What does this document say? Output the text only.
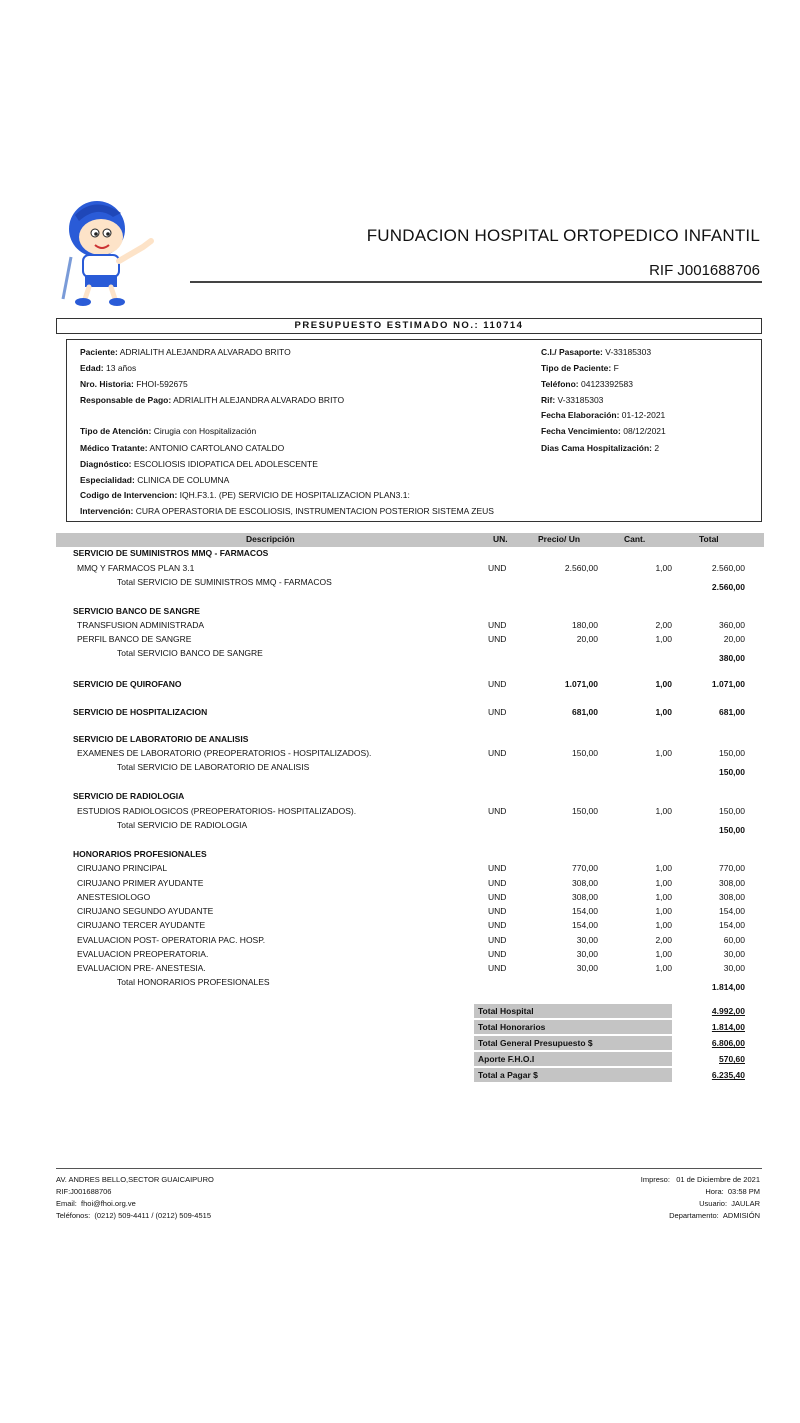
FUNDACION HOSPITAL ORTOPEDICO INFANTIL
RIF J001688706
PRESUPUESTO ESTIMADO NO.: 110714
Paciente: ADRIALITH ALEJANDRA ALVARADO BRITO
Edad: 13 años
Nro. Historia: FHOI-592675
Responsable de Pago: ADRIALITH ALEJANDRA ALVARADO BRITO
Tipo de Atención: Cirugia con Hospitalización
Médico Tratante: ANTONIO CARTOLANO CATALDO
Diagnóstico: ESCOLIOSIS IDIOPATICA DEL ADOLESCENTE
Especialidad: CLINICA DE COLUMNA
Codigo de Intervencion: IQH.F3.1. (PE) SERVICIO DE HOSPITALIZACION PLAN3.1:
Intervención: CURA OPERASTORIA DE ESCOLIOSIS, INSTRUMENTACION POSTERIOR SISTEMA ZEUS
C.I./ Pasaporte: V-33185303
Tipo de Paciente: F
Teléfono: 04123392583
Rif: V-33185303
Fecha Elaboración: 01-12-2021
Fecha Vencimiento: 08/12/2021
Dias Cama Hospitalización: 2
Descripción	UN.	Precio/ Un	Cant.	Total
SERVICIO DE SUMINISTROS MMQ - FARMACOS
MMQ Y FARMACOS PLAN 3.1	UND	2.560,00	1,00	2.560,00
Total SERVICIO DE SUMINISTROS MMQ - FARMACOS	2.560,00
SERVICIO BANCO DE SANGRE
TRANSFUSION ADMINISTRADA	UND	180,00	2,00	360,00
PERFIL BANCO DE SANGRE	UND	20,00	1,00	20,00
Total SERVICIO BANCO DE SANGRE	380,00
SERVICIO DE QUIROFANO	UND	1.071,00	1,00	1.071,00
SERVICIO DE HOSPITALIZACION	UND	681,00	1,00	681,00
SERVICIO DE LABORATORIO DE ANALISIS
EXAMENES DE LABORATORIO (PREOPERATORIOS - HOSPITALIZADOS).	UND	150,00	1,00	150,00
Total SERVICIO DE LABORATORIO DE ANALISIS	150,00
SERVICIO DE RADIOLOGIA
ESTUDIOS RADIOLOGICOS (PREOPERATORIOS- HOSPITALIZADOS).	UND	150,00	1,00	150,00
Total SERVICIO DE RADIOLOGIA	150,00
HONORARIOS PROFESIONALES
CIRUJANO PRINCIPAL	UND	770,00	1,00	770,00
CIRUJANO PRIMER AYUDANTE	UND	308,00	1,00	308,00
ANESTESIOLOGO	UND	308,00	1,00	308,00
CIRUJANO SEGUNDO AYUDANTE	UND	154,00	1,00	154,00
CIRUJANO TERCER AYUDANTE	UND	154,00	1,00	154,00
EVALUACION POST- OPERATORIA PAC. HOSP.	UND	30,00	2,00	60,00
EVALUACION PREOPERATORIA.	UND	30,00	1,00	30,00
EVALUACION PRE- ANESTESIA.	UND	30,00	1,00	30,00
Total HONORARIOS PROFESIONALES	1.814,00
Total Hospital	4.992,00
Total Honorarios	1.814,00
Total General Presupuesto $	6.806,00
Aporte F.H.O.I	570,60
Total a Pagar $	6.235,40
AV. ANDRES BELLO,SECTOR GUAICAIPURO
RIF:J001688706
Email: fhoi@fhoi.org.ve
Teléfonos: (0212) 509-4411 / (0212) 509-4515
Impreso: 01 de Diciembre de 2021
Hora: 03:58 PM
Usuario: JAULAR
Departamento: ADMISIÓN
